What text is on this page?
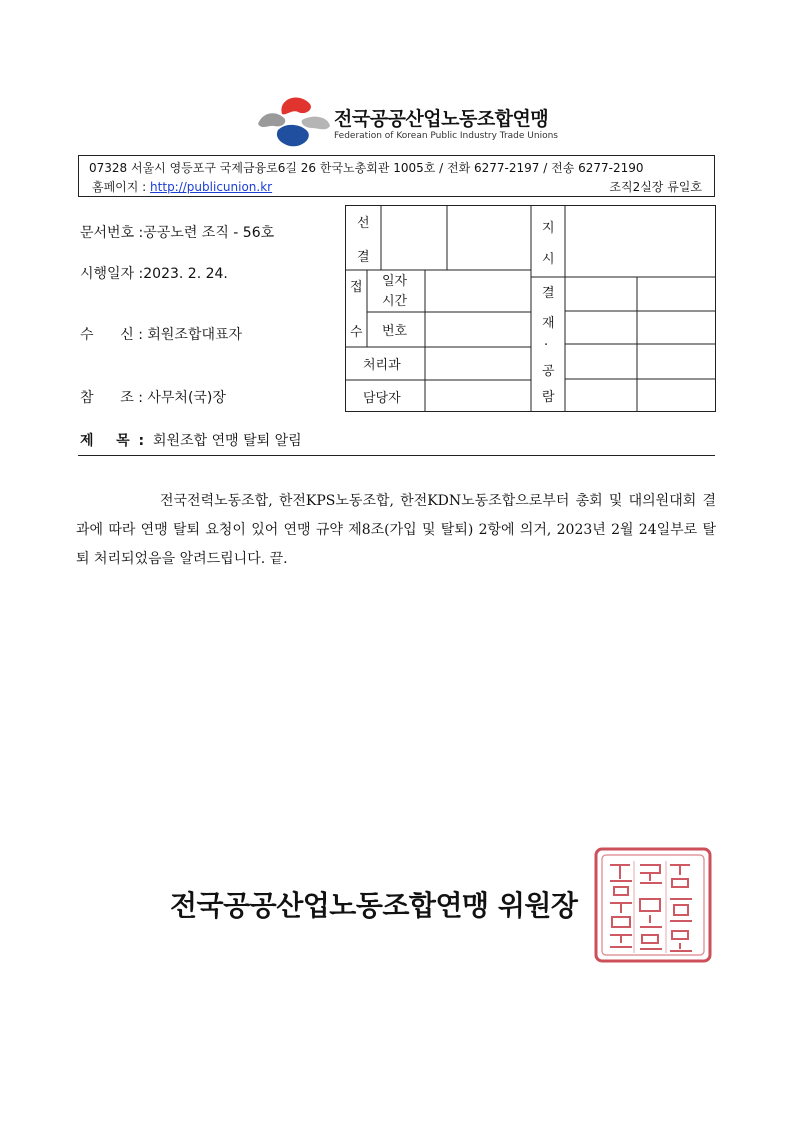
전국공공산업노동조합연맹
Federation of Korean Public Industry Trade Unions
07328 서울시 영등포구 국제금융로6길 26 한국노총회관 1005호 / 전화 6277-2197 / 전송 6277-2190
홈페이지 : http://publicunion.kr	조직2실장 류일호
문서번호 :공공노련 조직 - 56호
시행일자 :2023. 2. 24.
수      신 : 회원조합대표자
참      조 : 사무처(국)장
선
결
지
시
접
수
일자
시간
번호
처리과
담당자
결
재
·
공
람
제   목 : 회원조합 연맹 탈퇴 알림
전국전력노동조합, 한전KPS노동조합, 한전KDN노동조합으로부터 총회 및 대의원대회 결과에 따라 연맹 탈퇴 요청이 있어 연맹 규약 제8조(가입 및 탈퇴) 2항에 의거, 2023년 2월 24일부로 탈퇴 처리되었음을 알려드립니다. 끝.
전국공공산업노동조합연맹 위원장
